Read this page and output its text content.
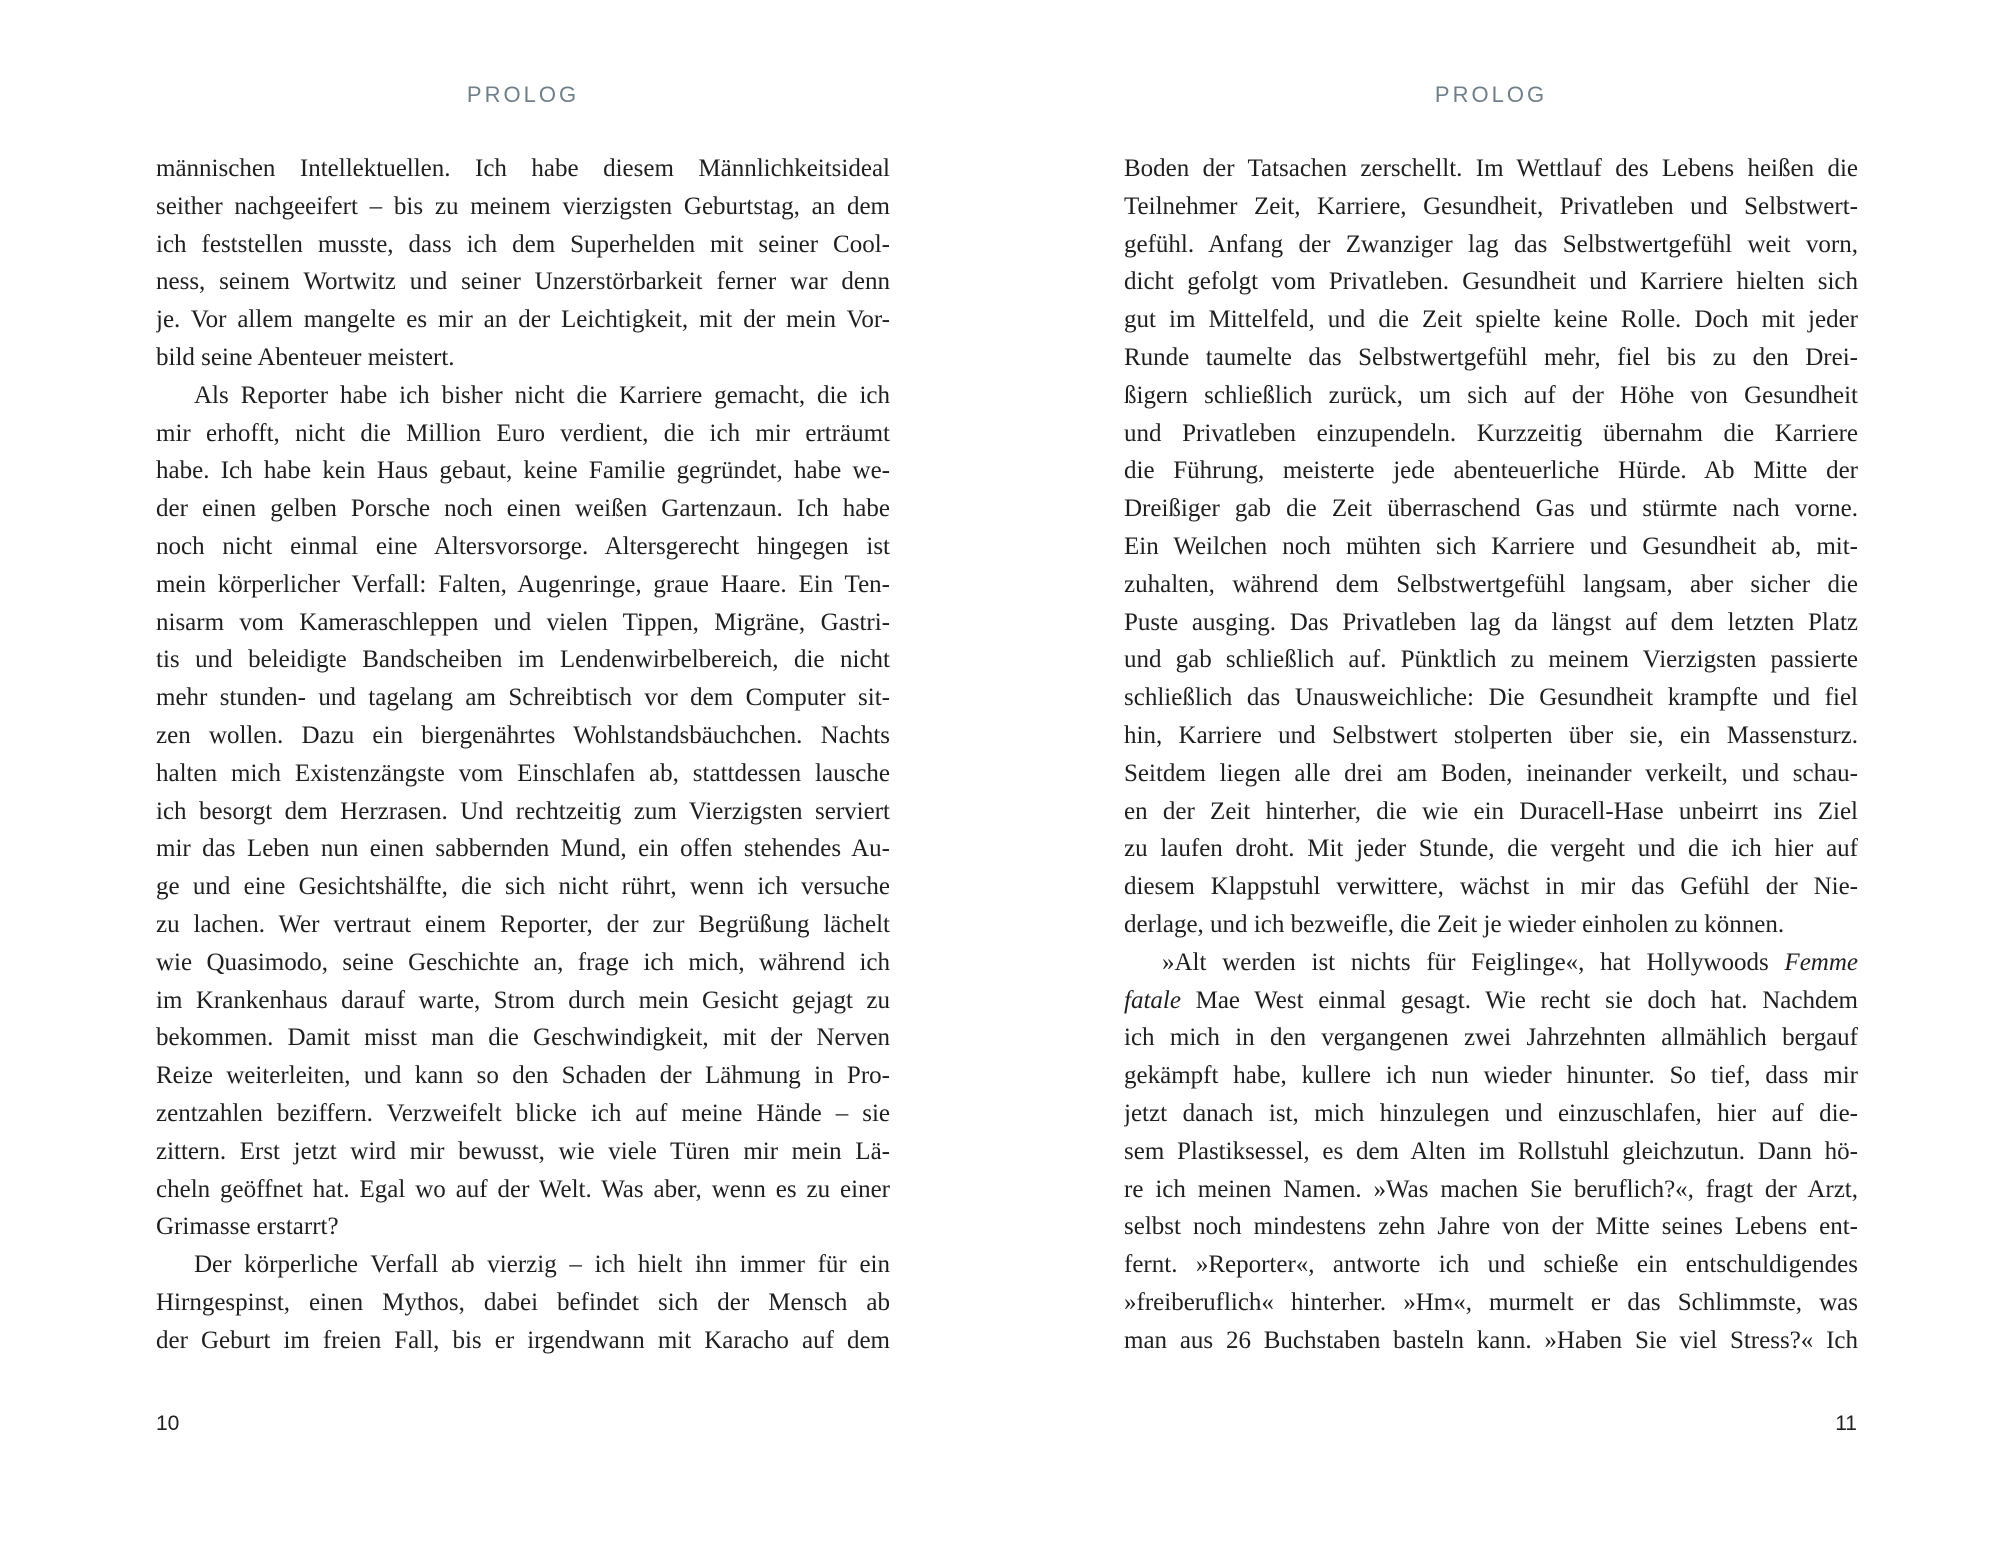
PROLOG
männischen Intellektuellen. Ich habe diesem Männlichkeitsideal
seither nachgeeifert – bis zu meinem vierzigsten Geburtstag, an dem
ich feststellen musste, dass ich dem Superhelden mit seiner Cool-
ness, seinem Wortwitz und seiner Unzerstörbarkeit ferner war denn
je. Vor allem mangelte es mir an der Leichtigkeit, mit der mein Vor-
bild seine Abenteuer meistert.
Als Reporter habe ich bisher nicht die Karriere gemacht, die ich
mir erhofft, nicht die Million Euro verdient, die ich mir erträumt
habe. Ich habe kein Haus gebaut, keine Familie gegründet, habe we-
der einen gelben Porsche noch einen weißen Gartenzaun. Ich habe
noch nicht einmal eine Altersvorsorge. Altersgerecht hingegen ist
mein körperlicher Verfall: Falten, Augenringe, graue Haare. Ein Ten-
nisarm vom Kameraschleppen und vielen Tippen, Migräne, Gastri-
tis und beleidigte Bandscheiben im Lendenwirbelbereich, die nicht
mehr stunden- und tagelang am Schreibtisch vor dem Computer sit-
zen wollen. Dazu ein biergenährtes Wohlstandsbäuchchen. Nachts
halten mich Existenzängste vom Einschlafen ab, stattdessen lausche
ich besorgt dem Herzrasen. Und rechtzeitig zum Vierzigsten serviert
mir das Leben nun einen sabbernden Mund, ein offen stehendes Au-
ge und eine Gesichtshälfte, die sich nicht rührt, wenn ich versuche
zu lachen. Wer vertraut einem Reporter, der zur Begrüßung lächelt
wie Quasimodo, seine Geschichte an, frage ich mich, während ich
im Krankenhaus darauf warte, Strom durch mein Gesicht gejagt zu
bekommen. Damit misst man die Geschwindigkeit, mit der Nerven
Reize weiterleiten, und kann so den Schaden der Lähmung in Pro-
zentzahlen beziffern. Verzweifelt blicke ich auf meine Hände – sie
zittern. Erst jetzt wird mir bewusst, wie viele Türen mir mein Lä-
cheln geöffnet hat. Egal wo auf der Welt. Was aber, wenn es zu einer
Grimasse erstarrt?
Der körperliche Verfall ab vierzig – ich hielt ihn immer für ein
Hirngespinst, einen Mythos, dabei befindet sich der Mensch ab
der Geburt im freien Fall, bis er irgendwann mit Karacho auf dem
10
PROLOG
Boden der Tatsachen zerschellt. Im Wettlauf des Lebens heißen die
Teilnehmer Zeit, Karriere, Gesundheit, Privatleben und Selbstwert-
gefühl. Anfang der Zwanziger lag das Selbstwertgefühl weit vorn,
dicht gefolgt vom Privatleben. Gesundheit und Karriere hielten sich
gut im Mittelfeld, und die Zeit spielte keine Rolle. Doch mit jeder
Runde taumelte das Selbstwertgefühl mehr, fiel bis zu den Drei-
ßigern schließlich zurück, um sich auf der Höhe von Gesundheit
und Privatleben einzupendeln. Kurzzeitig übernahm die Karriere
die Führung, meisterte jede abenteuerliche Hürde. Ab Mitte der
Dreißiger gab die Zeit überraschend Gas und stürmte nach vorne.
Ein Weilchen noch mühten sich Karriere und Gesundheit ab, mit-
zuhalten, während dem Selbstwertgefühl langsam, aber sicher die
Puste ausging. Das Privatleben lag da längst auf dem letzten Platz
und gab schließlich auf. Pünktlich zu meinem Vierzigsten passierte
schließlich das Unausweichliche: Die Gesundheit krampfte und fiel
hin, Karriere und Selbstwert stolperten über sie, ein Massensturz.
Seitdem liegen alle drei am Boden, ineinander verkeilt, und schau-
en der Zeit hinterher, die wie ein Duracell-Hase unbeirrt ins Ziel
zu laufen droht. Mit jeder Stunde, die vergeht und die ich hier auf
diesem Klappstuhl verwittere, wächst in mir das Gefühl der Nie-
derlage, und ich bezweifle, die Zeit je wieder einholen zu können.
»Alt werden ist nichts für Feiglinge«, hat Hollywoods Femme
fatale Mae West einmal gesagt. Wie recht sie doch hat. Nachdem
ich mich in den vergangenen zwei Jahrzehnten allmählich bergauf
gekämpft habe, kullere ich nun wieder hinunter. So tief, dass mir
jetzt danach ist, mich hinzulegen und einzuschlafen, hier auf die-
sem Plastiksessel, es dem Alten im Rollstuhl gleichzutun. Dann hö-
re ich meinen Namen. »Was machen Sie beruflich?«, fragt der Arzt,
selbst noch mindestens zehn Jahre von der Mitte seines Lebens ent-
fernt. »Reporter«, antworte ich und schieße ein entschuldigendes
»freiberuflich« hinterher. »Hm«, murmelt er das Schlimmste, was
man aus 26 Buchstaben basteln kann. »Haben Sie viel Stress?« Ich
11
